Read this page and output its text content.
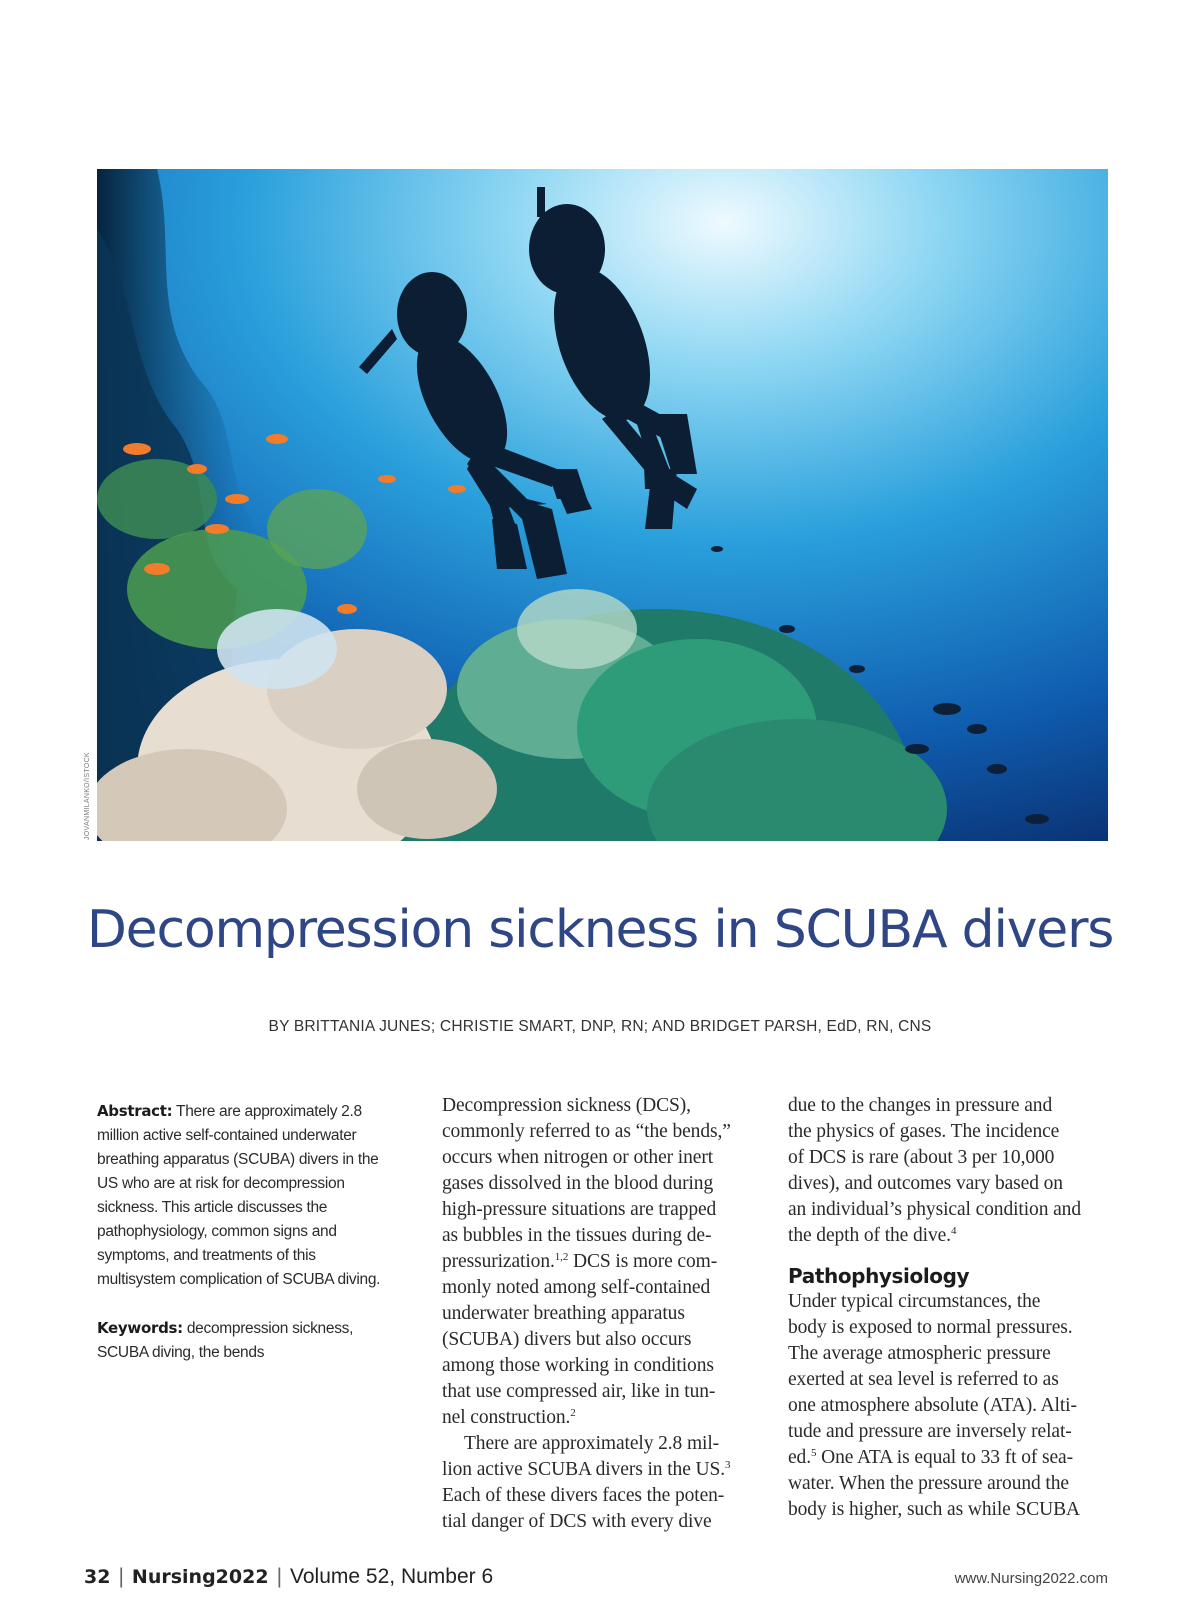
JOVANMILANKO/ISTOCK
Decompression sickness in SCUBA divers
BY BRITTANIA JUNES; CHRISTIE SMART, DNP, RN; AND BRIDGET PARSH, EdD, RN, CNS

Abstract: There are approximately 2.8 million active self-contained underwater breathing apparatus (SCUBA) divers in the US who are at risk for decompression sickness. This article discusses the pathophysiology, common signs and symptoms, and treatments of this multisystem complication of SCUBA diving.

Keywords: decompression sickness, SCUBA diving, the bends

Decompression sickness (DCS),
commonly referred to as “the bends,”
occurs when nitrogen or other inert
gases dissolved in the blood during
high-pressure situations are trapped
as bubbles in the tissues during de-
pressurization.$^{1,2}$ DCS is more com-
monly noted among self-contained
underwater breathing apparatus
(SCUBA) divers but also occurs
among those working in conditions
that use compressed air, like in tun-
nel construction.$^2$

There are approximately 2.8 mil-
lion active SCUBA divers in the US.$^3$
Each of these divers faces the poten-
tial danger of DCS with every dive

due to the changes in pressure and
the physics of gases. The incidence
of DCS is rare (about 3 per 10,000
dives), and outcomes vary based on
an individual’s physical condition and
the depth of the dive.$^4$

Pathophysiology

Under typical circumstances, the
body is exposed to normal pressures.
The average atmospheric pressure
exerted at sea level is referred to as
one atmosphere absolute (ATA). Alti-
tude and pressure are inversely relat-
ed.$^5$ One ATA is equal to 33 ft of sea-
water. When the pressure around the
body is higher, such as while SCUBA

32 | Nursing2022 | Volume 52, Number 6	www.Nursing2022.com
